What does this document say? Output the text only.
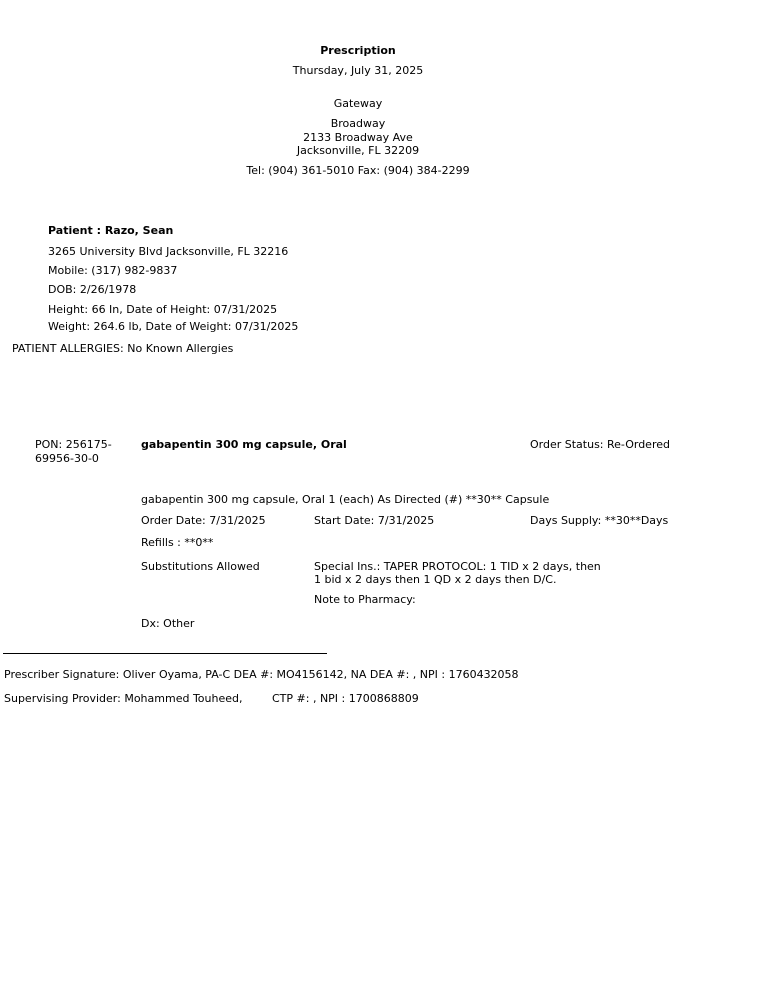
Prescription
Thursday, July 31, 2025
Gateway
Broadway
2133 Broadway Ave
Jacksonville, FL 32209
Tel: (904) 361-5010 Fax: (904) 384-2299
Patient : Razo, Sean
3265 University Blvd Jacksonville, FL 32216
Mobile: (317) 982-9837
DOB: 2/26/1978
Height: 66 In, Date of Height: 07/31/2025
Weight: 264.6 lb, Date of Weight: 07/31/2025
PATIENT ALLERGIES: No Known Allergies
PON: 256175-
69956-30-0
gabapentin 300 mg capsule, Oral	Order Status: Re-Ordered
gabapentin 300 mg capsule, Oral 1 (each) As Directed (#) **30** Capsule
Order Date: 7/31/2025	Start Date: 7/31/2025	Days Supply: **30**Days
Refills : **0**
Substitutions Allowed	Special Ins.: TAPER PROTOCOL: 1 TID x 2 days, then
1 bid x 2 days then 1 QD x 2 days then D/C.
Note to Pharmacy:
Dx: Other
Prescriber Signature: Oliver Oyama, PA-C DEA #: MO4156142, NA DEA #: , NPI : 1760432058
Supervising Provider: Mohammed Touheed,	CTP #: , NPI : 1700868809
